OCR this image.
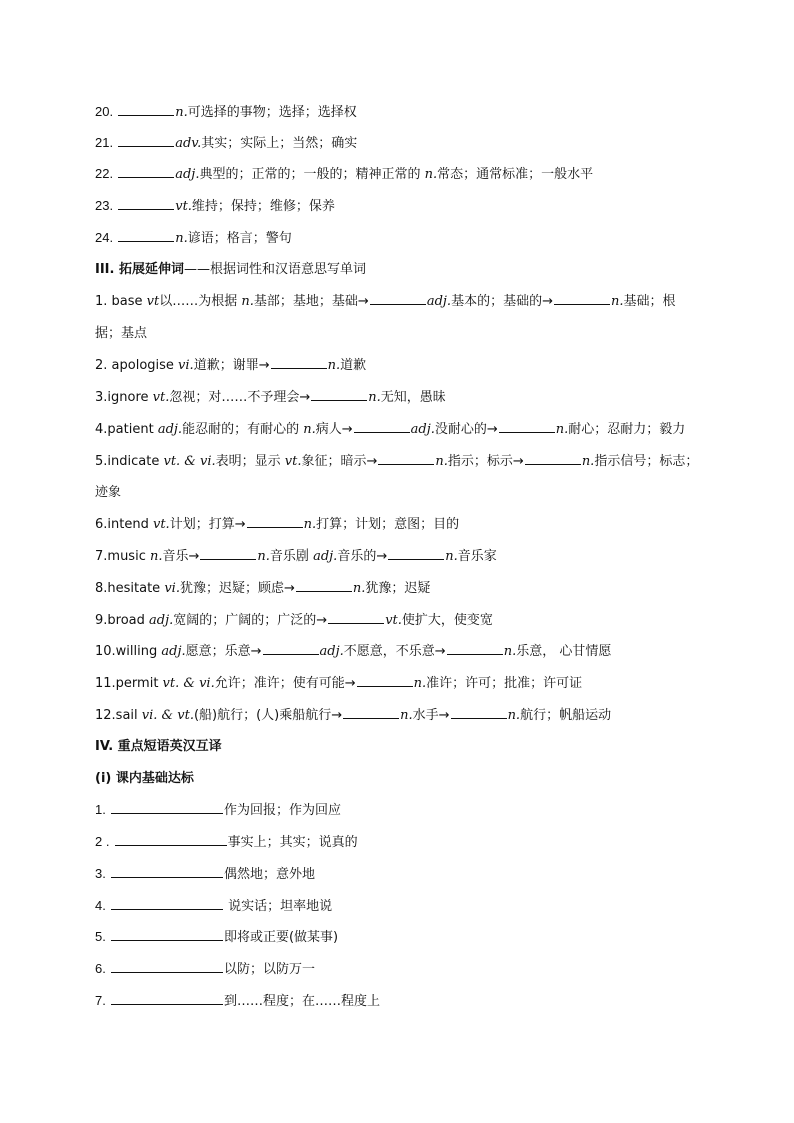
20.	n.可选择的事物；选择；选择权
21.	adv.其实；实际上；当然；确实
22.	adj.典型的；正常的；一般的；精神正常的 n.常态；通常标准；一般水平
23.	vt.维持；保持；维修；保养
24.	n.谚语；格言；警句
III. 拓展延伸词——根据词性和汉语意思写单词
1. base vt以……为根据 n.基部；基地；基础→	adj.基本的；基础的→	n.基础；根
据；基点
2. apologise vi.道歉；谢罪→	n.道歉
3.ignore vt.忽视；对……不予理会→	n.无知，愚昧
4.patient adj.能忍耐的；有耐心的 n.病人→	adj.没耐心的→	n.耐心；忍耐力；毅力
5.indicate vt. & vi.表明；显示 vt.象征；暗示→	n.指示；标示→	n.指示信号；标志；
迹象
6.intend vt.计划；打算→	n.打算；计划；意图；目的
7.music n.音乐→	n.音乐剧 adj.音乐的→	n.音乐家
8.hesitate vi.犹豫；迟疑；顾虑→	n.犹豫；迟疑
9.broad adj.宽阔的；广阔的；广泛的→	vt.使扩大，使变宽
10.willing adj.愿意；乐意→	adj.不愿意，不乐意→	n.乐意， 心甘情愿
11.permit vt. & vi.允许；准许；使有可能→	n.准许；许可；批准；许可证
12.sail vi. & vt.(船)航行；(人)乘船航行→	n.水手→	n.航行；帆船运动
IV. 重点短语英汉互译
(i) 课内基础达标
1.	作为回报；作为回应
2 .	事实上；其实；说真的
3.	偶然地；意外地
4.	说实话；坦率地说
5.	即将或正要(做某事)
6.	以防；以防万一
7.	到……程度；在……程度上
